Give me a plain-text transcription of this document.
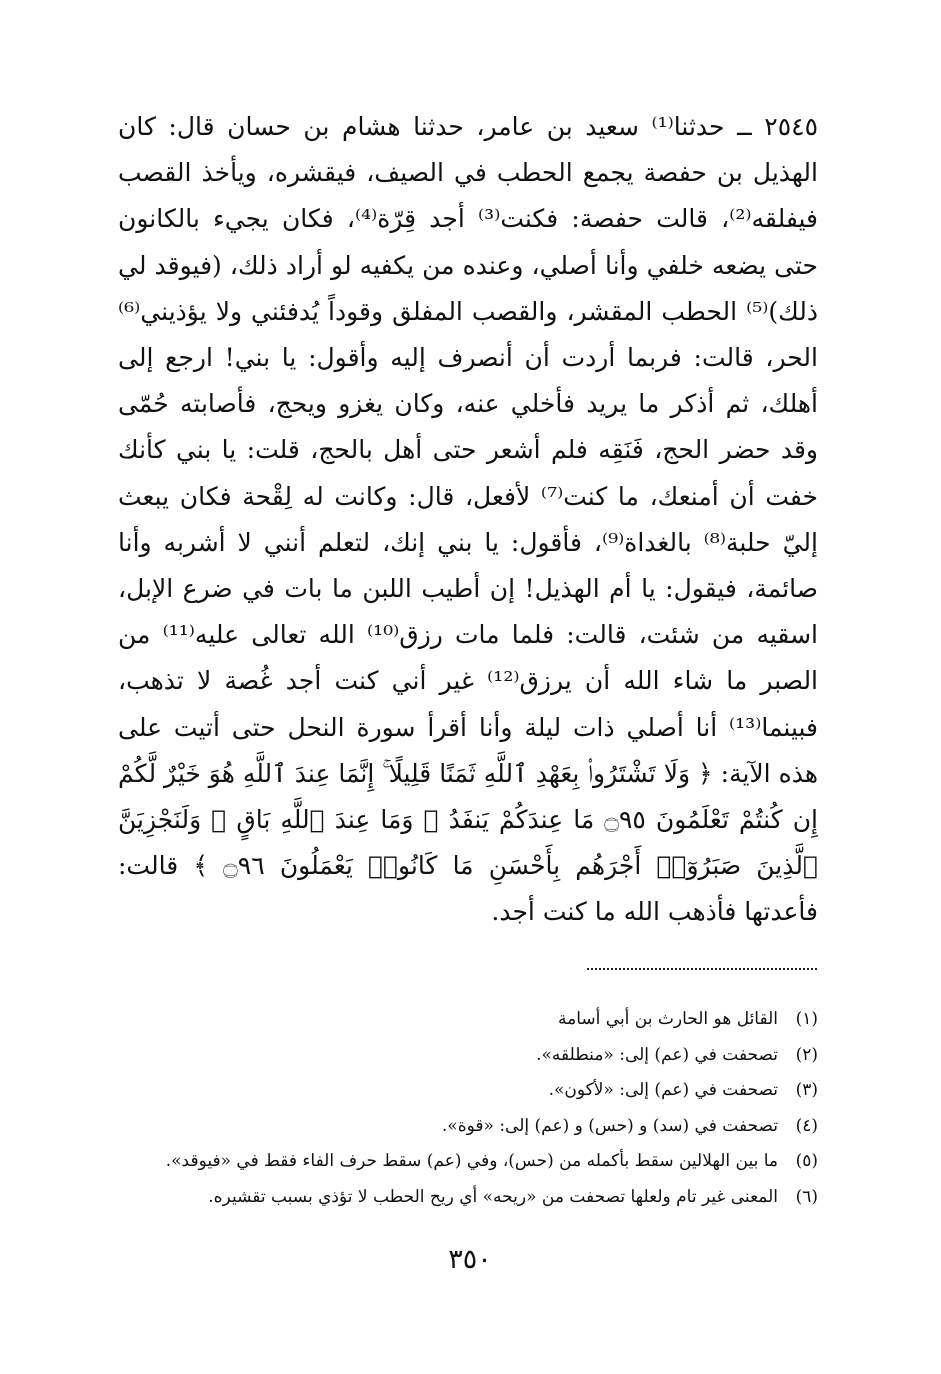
٢٥٤٥ ــ حدثنا⁽¹⁾ سعيد بن عامر، حدثنا هشام بن حسان قال: كان الهذيل بن حفصة يجمع الحطب في الصيف، فيقشره، ويأخذ القصب فيفلقه⁽²⁾، قالت حفصة: فكنت⁽³⁾ أجد قِرّة⁽⁴⁾، فكان يجيء بالكانون حتى يضعه خلفي وأنا أصلي، وعنده من يكفيه لو أراد ذلك، (فيوقد لي ذلك)⁽⁵⁾ الحطب المقشر، والقصب المفلق وقوداً يُدفئني ولا يؤذيني⁽⁶⁾ الحر، قالت: فربما أردت أن أنصرف إليه وأقول: يا بني! ارجع إلى أهلك، ثم أذكر ما يريد فأخلي عنه، وكان يغزو ويحج، فأصابته حُمّى وقد حضر الحج، فَنَقِه فلم أشعر حتى أهل بالحج، قلت: يا بني كأنك خفت أن أمنعك، ما كنت⁽⁷⁾ لأفعل، قال: وكانت له لِقْحة فكان يبعث إليّ حلبة⁽⁸⁾ بالغداة⁽⁹⁾، فأقول: يا بني إنك، لتعلم أنني لا أشربه وأنا صائمة، فيقول: يا أم الهذيل! إن أطيب اللبن ما بات في ضرع الإبل، اسقيه من شئت، قالت: فلما مات رزق⁽¹⁰⁾ الله تعالى عليه⁽¹¹⁾ من الصبر ما شاء الله أن يرزق⁽¹²⁾ غير أني كنت أجد غُصة لا تذهب، فبينما⁽¹³⁾ أنا أصلي ذات ليلة وأنا أقرأ سورة النحل حتى أتيت على هذه الآية: ﴿ وَلَا تَشْتَرُوا۟ بِعَهْدِ ٱللَّهِ ثَمَنًا قَلِيلًا ۚ إِنَّمَا عِندَ ٱللَّهِ هُوَ خَيْرٌ لَّكُمْ إِن كُنتُمْ تَعْلَمُونَ ۝٩٥ مَا عِندَكُمْ يَنفَدُ ۖ وَمَا عِندَ ٱللَّهِ بَاقٍ ۗ وَلَنَجْزِيَنَّ ٱلَّذِينَ صَبَرُوٓا۟ أَجْرَهُم بِأَحْسَنِ مَا كَانُوا۟ يَعْمَلُونَ ۝٩٦ ﴾ قالت: فأعدتها فأذهب الله ما كنت أجد.

(١)القائل هو الحارث بن أبي أسامة
(٢)تصحفت في (عم) إلى: «منطلقه».
(٣)تصحفت في (عم) إلى: «لأكون».
(٤)تصحفت في (سد) و (حس) و (عم) إلى: «قوة».
(٥)ما بين الهلالين سقط بأكمله من (حس)، وفي (عم) سقط حرف الفاء فقط في «فيوقد».
(٦)المعنى غير تام ولعلها تصحفت من «ريحه» أي ريح الحطب لا تؤذي بسبب تقشيره.
٣٥٠
